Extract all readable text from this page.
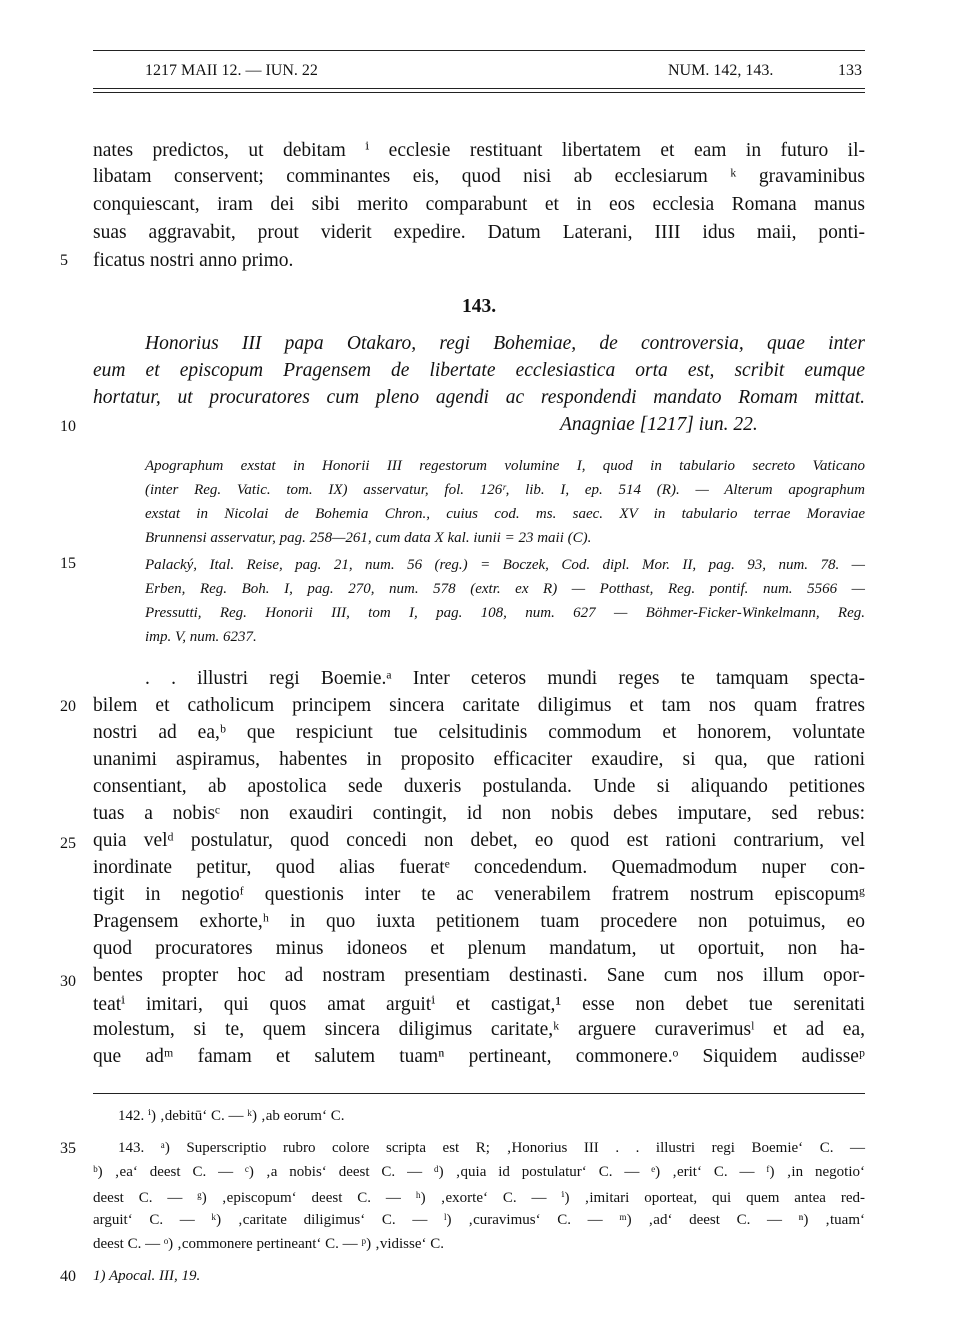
1217 MAII 12. — IUN. 22	NUM. 142, 143.	133
5
10
15
20
25
30
35
40
nates predictos, ut debitam ⁱ ecclesie restituant libertatem et eam in futuro il-
libatam conservent; comminantes eis, quod nisi ab ecclesiarum ᵏ gravaminibus
conquiescant, iram dei sibi merito comparabunt et in eos ecclesia Romana manus
suas aggravabit, prout viderit expedire. Datum Laterani, IIII idus maii, ponti-
ficatus nostri anno primo.
143.
Honorius III papa Otakaro, regi Bohemiae, de controversia, quae inter
eum et episcopum Pragensem de libertate ecclesiastica orta est, scribit eumque
hortatur, ut procuratores cum pleno agendi ac respondendi mandato Romam mittat.
Anagniae [1217] iun. 22.
Apographum exstat in Honorii III regestorum volumine I, quod in tabulario secreto Vaticano
(inter Reg. Vatic. tom. IX) asservatur, fol. 126ʳ, lib. I, ep. 514 (R). — Alterum apographum
exstat in Nicolai de Bohemia Chron., cuius cod. ms. saec. XV in tabulario terrae Moraviae
Brunnensi asservatur, pag. 258—261, cum data X kal. iunii = 23 maii (C).
Palacký, Ital. Reise, pag. 21, num. 56 (reg.) = Boczek, Cod. dipl. Mor. II, pag. 93, num. 78. —
Erben, Reg. Boh. I, pag. 270, num. 578 (extr. ex R) — Potthast, Reg. pontif. num. 5566 —
Pressutti, Reg. Honorii III, tom I, pag. 108, num. 627 — Böhmer-Ficker-Winkelmann, Reg.
imp. V, num. 6237.
. . illustri regi Boemie.ᵃ Inter ceteros mundi reges te tamquam specta-
bilem et catholicum principem sincera caritate diligimus et tam nos quam fratres
nostri ad ea,ᵇ que respiciunt tue celsitudinis commodum et honorem, voluntate
unanimi aspiramus, habentes in proposito efficaciter exaudire, si qua, que rationi
consentiant, ab apostolica sede duxeris postulanda. Unde si aliquando petitiones
tuas a nobisᶜ non exaudiri contingit, id non nobis debes imputare, sed rebus:
quia velᵈ postulatur, quod concedi non debet, eo quod est rationi contrarium, vel
inordinate petitur, quod alias fueratᵉ concedendum. Quemadmodum nuper con-
tigit in negotioᶠ questionis inter te ac venerabilem fratrem nostrum episcopumᵍ
Pragensem exhorte,ʰ in quo iuxta petitionem tuam procedere non potuimus, eo
quod procuratores minus idoneos et plenum mandatum, ut oportuit, non ha-
bentes propter hoc ad nostram presentiam destinasti. Sane cum nos illum opor-
teatⁱ imitari, qui quos amat arguitⁱ et castigat,¹ esse non debet tue serenitati
molestum, si te, quem sincera diligimus caritate,ᵏ arguere curaverimusˡ et ad ea,
que adᵐ famam et salutem tuamⁿ pertineant, commonere.ᵒ Siquidem audisseᵖ
142. ⁱ) ‚debitū‘ C. — ᵏ) ‚ab eorum‘ C.
143. ᵃ) Superscriptio rubro colore scripta est R; ‚Honorius III . . illustri regi Boemie‘ C. —
ᵇ) ‚ea‘ deest C. — ᶜ) ‚a nobis‘ deest C. — ᵈ) ‚quia id postulatur‘ C. — ᵉ) ‚erit‘ C. — ᶠ) ‚in negotio‘
deest C. — ᵍ) ‚episcopum‘ deest C. — ʰ) ‚exorte‘ C. — ⁱ) ‚imitari oporteat, qui quem antea red-
arguit‘ C. — ᵏ) ‚caritate diligimus‘ C. — ˡ) ‚curavimus‘ C. — ᵐ) ‚ad‘ deest C. — ⁿ) ‚tuam‘
deest C. — ᵒ) ‚commonere pertineant‘ C. — ᵖ) ‚vidisse‘ C.
1) Apocal. III, 19.
